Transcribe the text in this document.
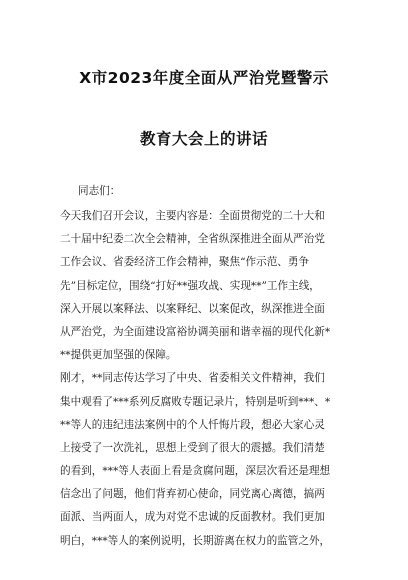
X市2023年度全面从严治党暨警示
教育大会上的讲话
同志们：
今天我们召开会议，主要内容是：全面贯彻党的二十大和
二十届中纪委二次全会精神，全省纵深推进全面从严治党
工作会议、省委经济工作会精神，聚焦“作示范、勇争
先”目标定位，围绕“打好**强攻战、实现**”工作主线，
深入开展以案释法、以案释纪、以案促改，纵深推进全面
从严治党，为全面建设富裕协调美丽和谐幸福的现代化新*
**提供更加坚强的保障。
刚才，**同志传达学习了中央、省委相关文件精神，我们
集中观看了***系列反腐败专题记录片，特别是听到***、*
**等人的违纪违法案例中的个人忏悔片段，想必大家心灵
上接受了一次洗礼，思想上受到了很大的震撼。我们清楚
的看到，***等人表面上看是贪腐问题，深层次看还是理想
信念出了问题，他们背弃初心使命，同党离心离德，搞两
面派、当两面人，成为对党不忠诚的反面教材。我们更加
明白，***等人的案例说明，长期游离在权力的监管之外，
